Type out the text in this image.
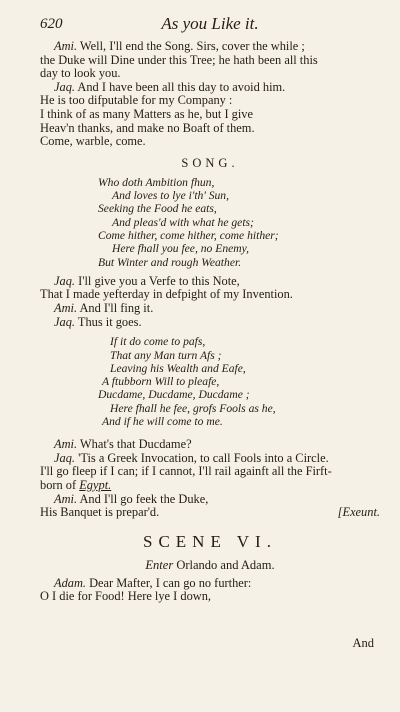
620	As you Like it.

Ami. Well, I'll end the Song. Sirs, cover the while ;

the Duke will Dine under this Tree; he hath been all this

day to look you.

Jaq. And I have been all this day to avoid him.

He is too difputable for my Company :

I think of as many Matters as he, but I give

Heav'n thanks, and make no Boaft of them.

Come, warble, come.

SONG.

Who doth Ambition fhun,

And loves to lye i'th' Sun,

Seeking the Food he eats,

And pleas'd with what he gets;

Come hither, come hither, come hither;

Here fhall you fee, no Enemy,

But Winter and rough Weather.

Jaq. I'll give you a Verfe to this Note,

That I made yefterday in defpight of my Invention.

Ami. And I'll fing it.

Jaq. Thus it goes.

If it do come to pafs,

That any Man turn Afs ;

Leaving his Wealth and Eafe,

A ftubborn Will to pleafe,

Ducdame, Ducdame, Ducdame ;

Here fhall he fee, grofs Fools as he,

And if he will come to me.

Ami. What's that Ducdame?

Jaq. 'Tis a Greek Invocation, to call Fools into a Circle.

I'll go fleep if I can; if I cannot, I'll rail againft all the Firft-

born of Egypt.

Ami. And I'll go feek the Duke,

His Banquet is prepar'd.	[Exeunt.

SCENE VI.

Enter Orlando and Adam.

Adam. Dear Mafter, I can go no further:

O I die for Food! Here lye I down,

And
